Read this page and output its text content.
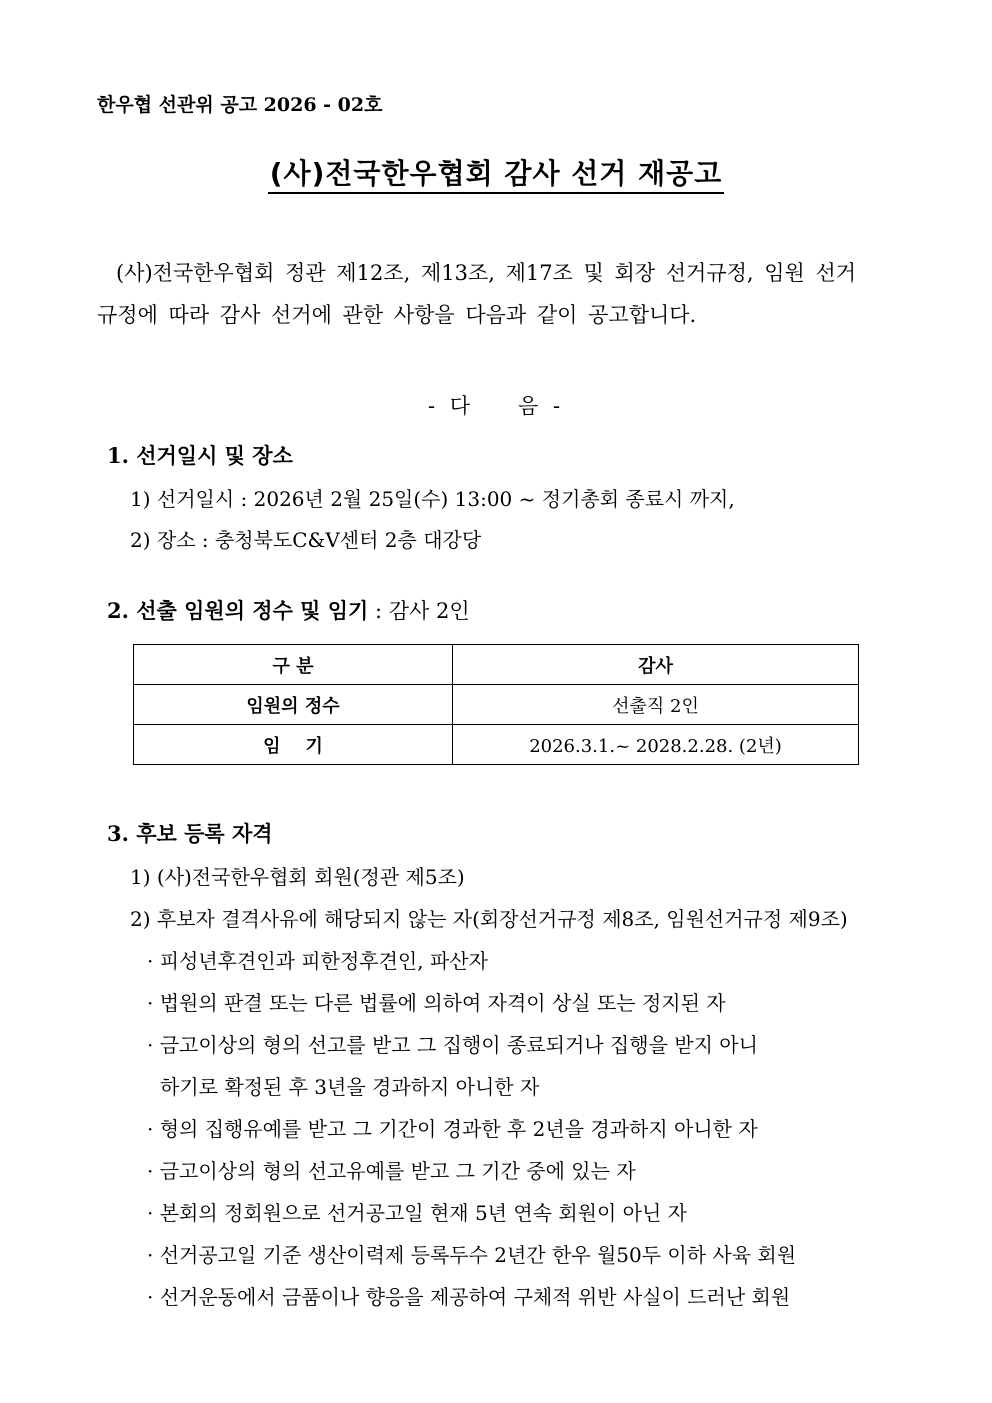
한우협 선관위 공고 2026 - 02호
(사)전국한우협회 감사 선거 재공고
(사)전국한우협회 정관 제12조, 제13조, 제17조 및 회장 선거규정, 임원 선거
규정에 따라 감사 선거에 관한 사항을 다음과 같이 공고합니다.
- 다 음 -
1. 선거일시 및 장소
1) 선거일시 : 2026년 2월 25일(수) 13:00 ~ 정기총회 종료시 까지,
2) 장소 : 충청북도C&V센터 2층 대강당
2. 선출 임원의 정수 및 임기 : 감사 2인
구 분	감사
임원의 정수	선출직 2인
임    기	2026.3.1.~ 2028.2.28. (2년)
3. 후보 등록 자격
1) (사)전국한우협회 회원(정관 제5조)
2) 후보자 결격사유에 해당되지 않는 자(회장선거규정 제8조, 임원선거규정 제9조)
· 피성년후견인과 피한정후견인, 파산자
· 법원의 판결 또는 다른 법률에 의하여 자격이 상실 또는 정지된 자
· 금고이상의 형의 선고를 받고 그 집행이 종료되거나 집행을 받지 아니
하기로 확정된 후 3년을 경과하지 아니한 자
· 형의 집행유예를 받고 그 기간이 경과한 후 2년을 경과하지 아니한 자
· 금고이상의 형의 선고유예를 받고 그 기간 중에 있는 자
· 본회의 정회원으로 선거공고일 현재 5년 연속 회원이 아닌 자
· 선거공고일 기준 생산이력제 등록두수 2년간 한우 월50두 이하 사육 회원
· 선거운동에서 금품이나 향응을 제공하여 구체적 위반 사실이 드러난 회원
